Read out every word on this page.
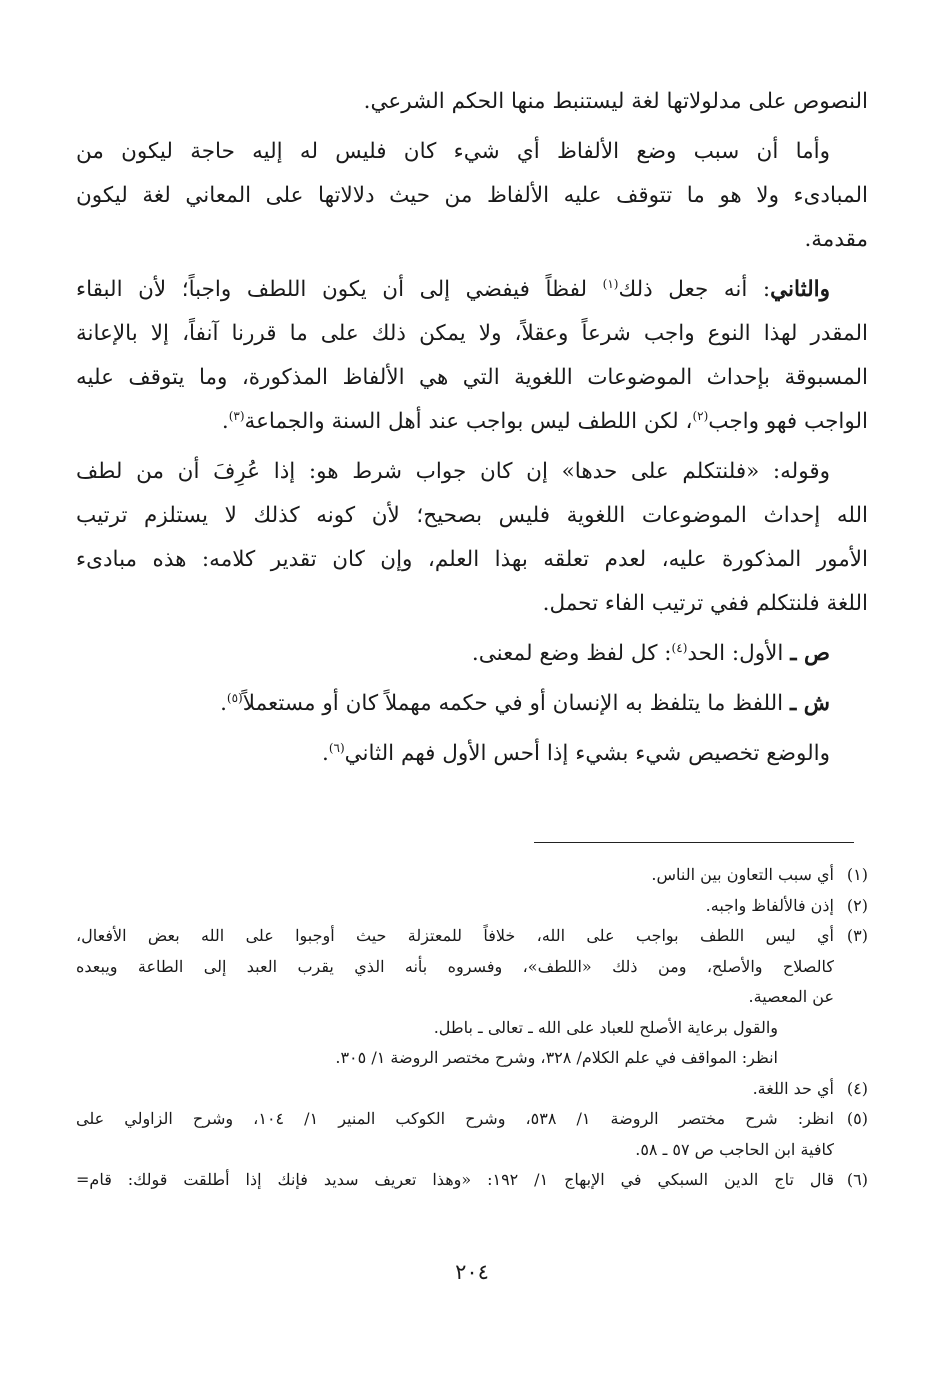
النصوص على مدلولاتها لغة ليستنبط منها الحكم الشرعي.
وأما أن سبب وضع الألفاظ أي شيء كان فليس له إليه حاجة ليكون من
المبادىء ولا هو ما تتوقف عليه الألفاظ من حيث دلالاتها على المعاني لغة ليكون
مقدمة.
والثاني: أنه جعل ذلك$^{(١)}$ لفظاً فيفضي إلى أن يكون اللطف واجباً؛ لأن البقاء
المقدر لهذا النوع واجب شرعاً وعقلاً، ولا يمكن ذلك على ما قررنا آنفاً، إلا بالإعانة
المسبوقة بإحداث الموضوعات اللغوية التي هي الألفاظ المذكورة، وما يتوقف عليه
الواجب فهو واجب$^{(٢)}$، لكن اللطف ليس بواجب عند أهل السنة والجماعة$^{(٣)}$.
وقوله: «فلنتكلم على حدها» إن كان جواب شرط هو: إذا عُرِفَ أن من لطف
الله إحداث الموضوعات اللغوية فليس بصحيح؛ لأن كونه كذلك لا يستلزم ترتيب
الأمور المذكورة عليه، لعدم تعلقه بهذا العلم، وإن كان تقدير كلامه: هذه مبادىء
اللغة فلنتكلم ففي ترتيب الفاء تحمل.
ص ـ الأول: الحد$^{(٤)}$: كل لفظ وضع لمعنى.
ش ـ اللفظ ما يتلفظ به الإنسان أو في حكمه مهملاً كان أو مستعملاً$^{(٥)}$.
والوضع تخصيص شيء بشيء إذا أحس الأول فهم الثاني$^{(٦)}$.
(١)
أي سبب التعاون بين الناس.
(٢)
إذن فالألفاظ واجبه.
(٣)
أي ليس اللطف بواجب على الله، خلافاً للمعتزلة حيث أوجبوا على الله بعض الأفعال،
كالصلاح والأصلح، ومن ذلك «اللطف»، وفسروه بأنه الذي يقرب العبد إلى الطاعة ويبعده
عن المعصية.
والقول برعاية الأصلح للعباد على الله ـ تعالى ـ باطل.
انظر: المواقف في علم الكلام/ ٣٢٨، وشرح مختصر الروضة ١/ ٣٠٥.
(٤)
أي حد اللغة.
(٥)
انظر: شرح مختصر الروضة ١/ ٥٣٨، وشرح الكوكب المنير ١/ ١٠٤، وشرح الزاولي على
كافية ابن الحاجب ص ٥٧ ـ ٥٨.
(٦)
قال تاج الدين السبكي في الإبهاج ١/ ١٩٢: «وهذا تعريف سديد فإنك إذا أطلقت قولك: قام=
٢٠٤
